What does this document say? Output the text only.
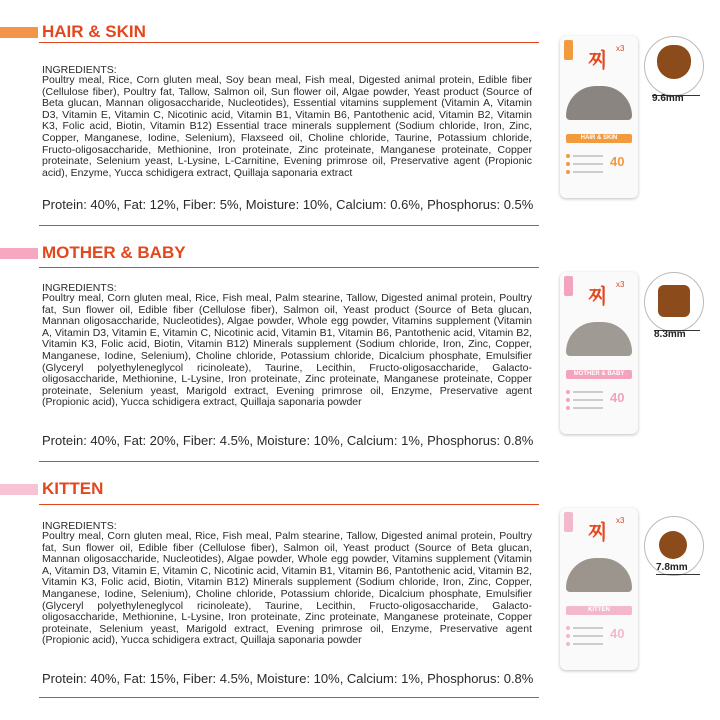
HAIR & SKIN
INGREDIENTS:
Poultry meal, Rice, Corn gluten meal, Soy bean meal, Fish meal, Digested animal protein, Edible fiber (Cellulose fiber), Poultry fat, Tallow, Salmon oil, Sun flower oil, Algae powder, Yeast product (Source of Beta glucan, Mannan oligosaccharide, Nucleotides), Essential vitamins supplement (Vitamin A, Vitamin D3, Vitamin E, Vitamin C, Nicotinic acid, Vitamin B1, Vitamin B6, Pantothenic acid, Vitamin B2, Vitamin K3, Folic acid, Biotin, Vitamin B12) Essential trace minerals supplement (Sodium chloride, Iron, Zinc, Copper, Manganese, Iodine, Selenium), Flaxseed oil, Choline chloride, Taurine, Potassium chloride, Fructo-oligosaccharide, Methionine, Iron proteinate, Zinc proteinate, Manganese proteinate, Copper proteinate, Selenium yeast, L-Lysine, L-Carnitine, Evening primrose oil, Preservative agent (Propionic acid), Enzyme, Yucca schidigera extract, Quillaja saponaria extract
Protein: 40%, Fat: 12%, Fiber: 5%, Moisture: 10%, Calcium: 0.6%, Phosphorus: 0.5%
찌
x3
HAIR & SKIN
40
9.6mm
MOTHER & BABY
INGREDIENTS:
Poultry meal, Corn gluten meal, Rice, Fish meal, Palm stearine, Tallow, Digested animal protein, Poultry fat, Sun flower oil, Edible fiber (Cellulose fiber), Salmon oil, Yeast product (Source of Beta glucan, Mannan oligosaccharide, Nucleotides), Algae powder, Whole egg powder, Vitamins supplement (Vitamin A, Vitamin D3, Vitamin E, Vitamin C, Nicotinic acid, Vitamin B1, Vitamin B6, Pantothenic acid, Vitamin B2, Vitamin K3, Folic acid, Biotin, Vitamin B12) Minerals supplement (Sodium chloride, Iron, Zinc, Copper, Manganese, Iodine, Selenium), Choline chloride, Potassium chloride, Dicalcium phosphate, Emulsifier (Glyceryl polyethyleneglycol ricinoleate), Taurine, Lecithin, Fructo-oligosaccharide, Galacto-oligosaccharide, Methionine, L-Lysine, Iron proteinate, Zinc proteinate, Manganese proteinate, Copper proteinate, Selenium yeast, Marigold extract, Evening primrose oil, Enzyme, Preservative agent (Propionic acid), Yucca schidigera extract, Quillaja saponaria powder
Protein: 40%, Fat: 20%, Fiber: 4.5%, Moisture: 10%, Calcium: 1%, Phosphorus: 0.8%
찌
x3
MOTHER & BABY
40
8.3mm
KITTEN
INGREDIENTS:
Poultry meal, Corn gluten meal, Rice, Fish meal, Palm stearine, Tallow, Digested animal protein, Poultry fat, Sun flower oil, Edible fiber (Cellulose fiber), Salmon oil, Yeast product (Source of Beta glucan, Mannan oligosaccharide, Nucleotides), Algae powder, Whole egg powder, Vitamins supplement (Vitamin A, Vitamin D3, Vitamin E, Vitamin C, Nicotinic acid, Vitamin B1, Vitamin B6, Pantothenic acid, Vitamin B2, Vitamin K3, Folic acid, Biotin, Vitamin B12) Minerals supplement (Sodium chloride, Iron, Zinc, Copper, Manganese, Iodine, Selenium), Choline chloride, Potassium chloride, Dicalcium phosphate, Emulsifier (Glyceryl polyethyleneglycol ricinoleate), Taurine, Lecithin, Fructo-oligosaccharide, Galacto-oligosaccharide, Methionine, L-Lysine, Iron proteinate, Zinc proteinate, Manganese proteinate, Copper proteinate, Selenium yeast, Marigold extract, Evening primrose oil, Enzyme, Preservative agent (Propionic acid), Yucca schidigera extract, Quillaja saponaria powder
Protein: 40%, Fat: 15%, Fiber: 4.5%, Moisture: 10%, Calcium: 1%, Phosphorus: 0.8%
찌
x3
KITTEN
40
7.8mm
